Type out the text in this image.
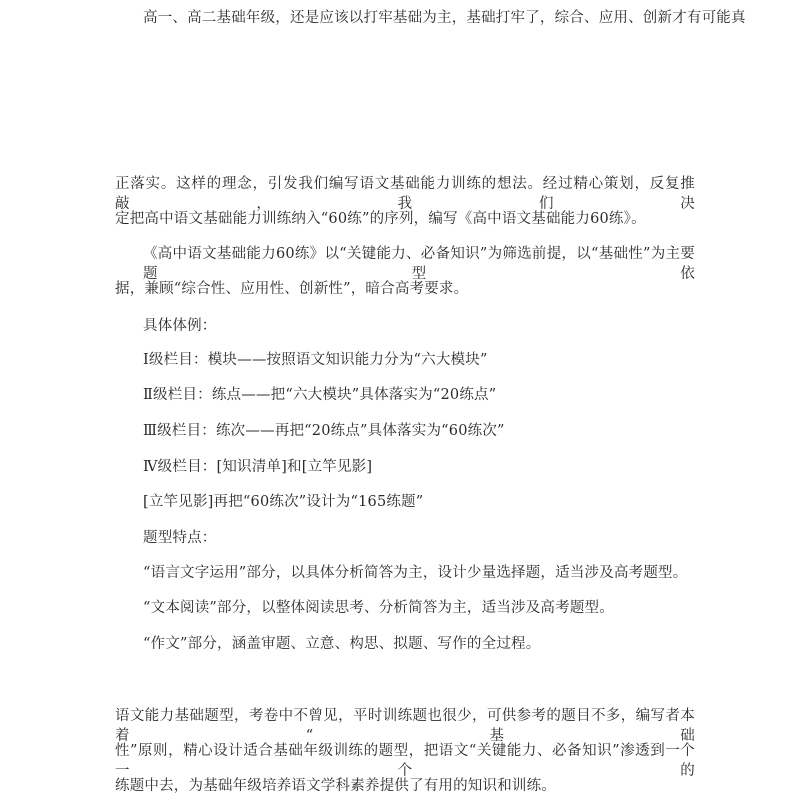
高一、高二基础年级，还是应该以打牢基础为主，基础打牢了，综合、应用、创新才有可能真
正落实。这样的理念，引发我们编写语文基础能力训练的想法。经过精心策划，反复推敲，我们决
定把高中语文基础能力训练纳入“60练”的序列，编写《高中语文基础能力60练》。
《高中语文基础能力60练》以“关键能力、必备知识”为筛选前提，以“基础性”为主要题型依
据，兼顾“综合性、应用性、创新性”，暗合高考要求。
具体体例：
Ⅰ级栏目：模块——按照语文知识能力分为“六大模块”
Ⅱ级栏目：练点——把“六大模块”具体落实为“20练点”
Ⅲ级栏目：练次——再把“20练点”具体落实为“60练次”
Ⅳ级栏目：[知识清单]和[立竿见影]
[立竿见影]再把“60练次”设计为“165练题”
题型特点：
“语言文字运用”部分，以具体分析简答为主，设计少量选择题，适当涉及高考题型。
“文本阅读”部分，以整体阅读思考、分析简答为主，适当涉及高考题型。
“作文”部分，涵盖审题、立意、构思、拟题、写作的全过程。
语文能力基础题型，考卷中不曾见，平时训练题也很少，可供参考的题目不多，编写者本着“基础
性”原则，精心设计适合基础年级训练的题型，把语文“关键能力、必备知识”渗透到一个一个的
练题中去，为基础年级培养语文学科素养提供了有用的知识和训练。
